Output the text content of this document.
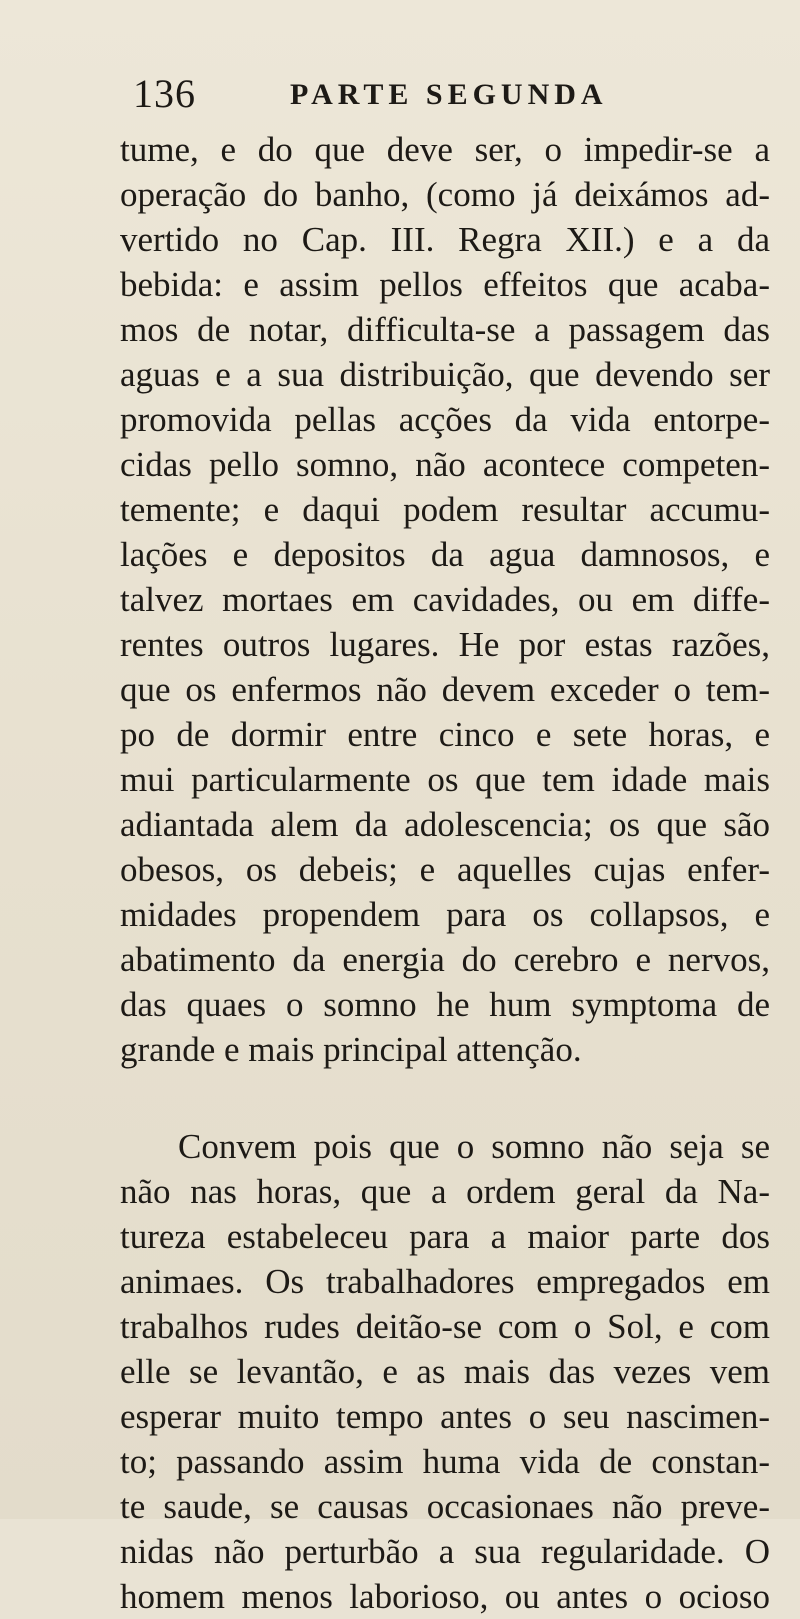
136	PARTE SEGUNDA
tume, e do que deve ser, o impedir-se a
operação do banho, (como já deixámos ad-
vertido no Cap. III. Regra XII.) e a da
bebida: e assim pellos effeitos que acaba-
mos de notar, difficulta-se a passagem das
aguas e a sua distribuição, que devendo ser
promovida pellas acções da vida entorpe-
cidas pello somno, não acontece competen-
temente; e daqui podem resultar accumu-
lações e depositos da agua damnosos, e
talvez mortaes em cavidades, ou em diffe-
rentes outros lugares. He por estas razões,
que os enfermos não devem exceder o tem-
po de dormir entre cinco e sete horas, e
mui particularmente os que tem idade mais
adiantada alem da adolescencia; os que são
obesos, os debeis; e aquelles cujas enfer-
midades propendem para os collapsos, e
abatimento da energia do cerebro e nervos,
das quaes o somno he hum symptoma de
grande e mais principal attenção.
Convem pois que o somno não seja se
não nas horas, que a ordem geral da Na-
tureza estabeleceu para a maior parte dos
animaes. Os trabalhadores empregados em
trabalhos rudes deitão-se com o Sol, e com
elle se levantão, e as mais das vezes vem
esperar muito tempo antes o seu nascimen-
to; passando assim huma vida de constan-
te saude, se causas occasionaes não preve-
nidas não perturbão a sua regularidade. O
homem menos laborioso, ou antes o ocioso
